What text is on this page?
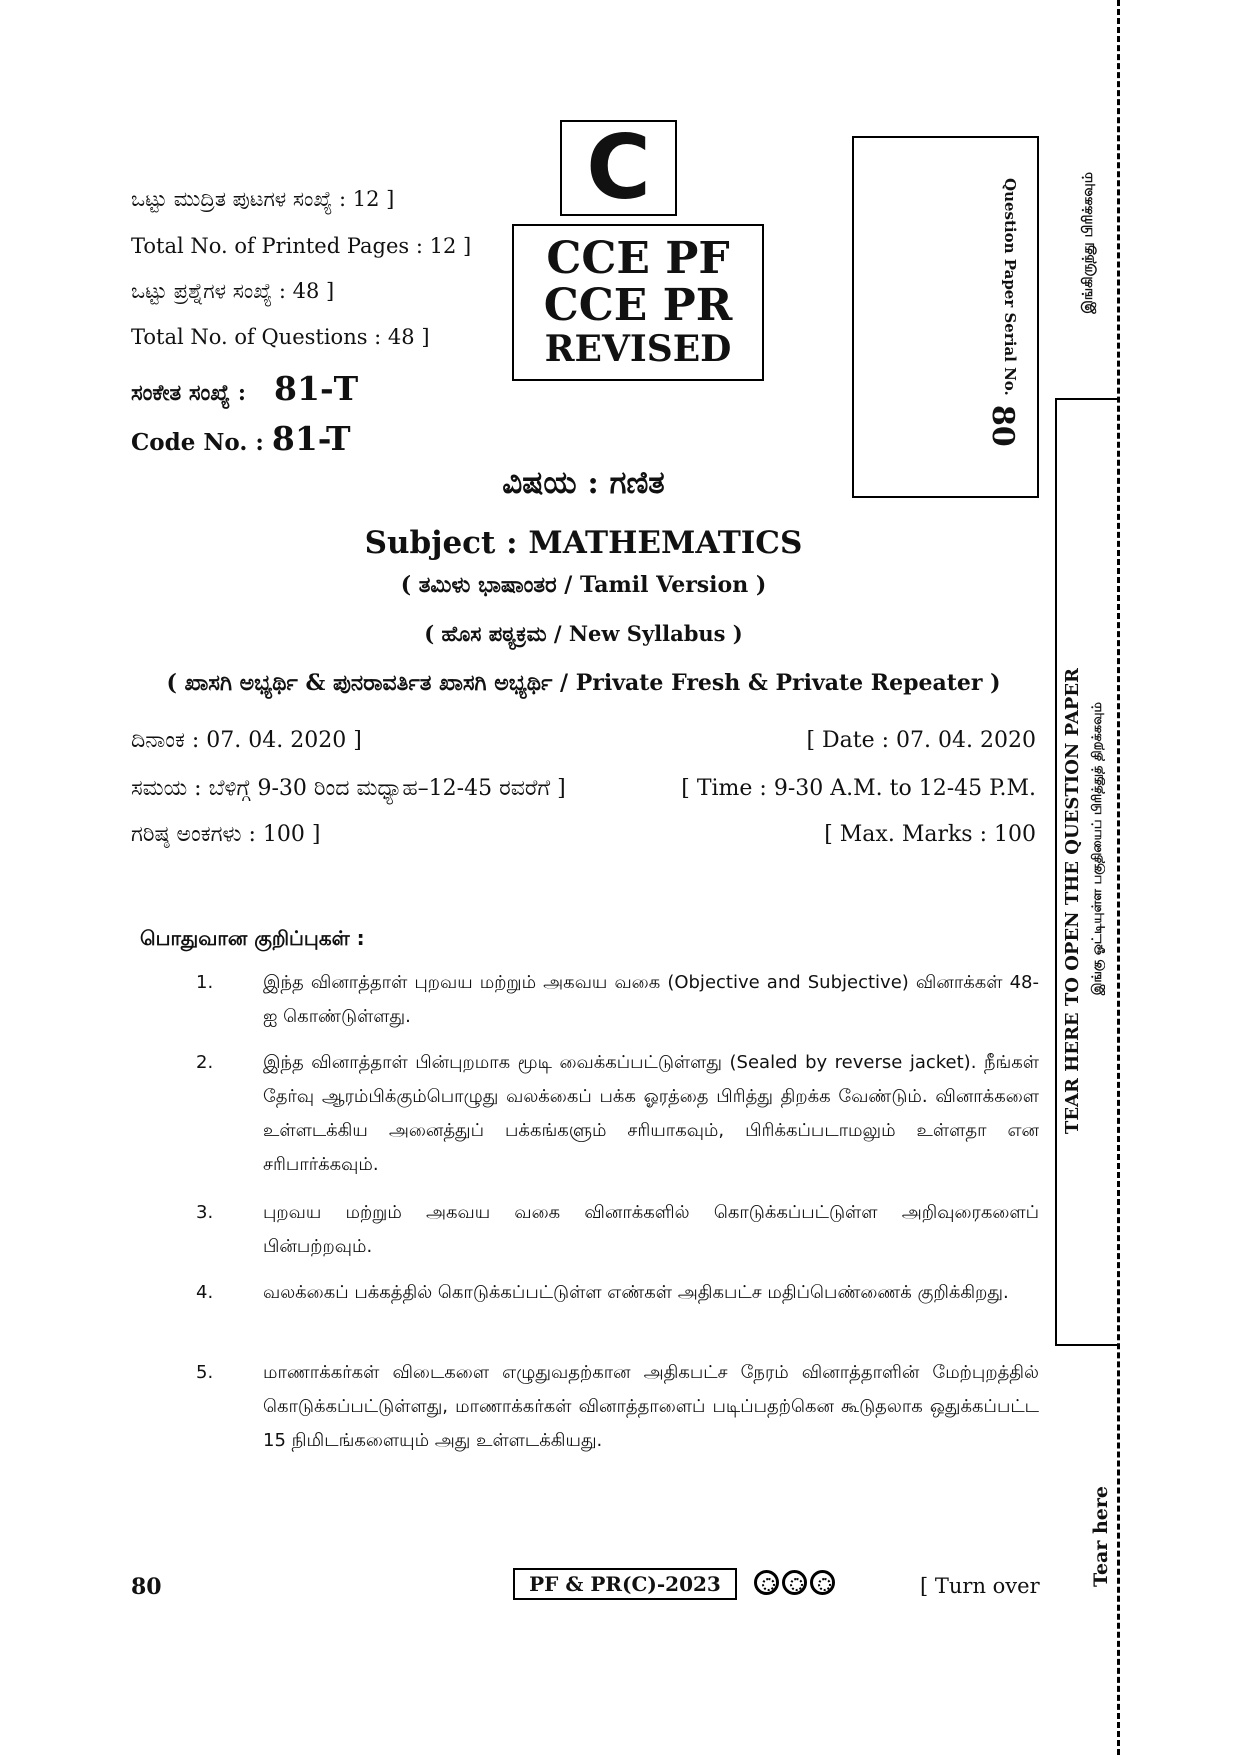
ಒಟ್ಟು ಮುದ್ರಿತ ಪುಟಗಳ ಸಂಖ್ಯೆ : 12 ]
Total No. of Printed Pages : 12 ]
ಒಟ್ಟು ಪ್ರಶ್ನೆಗಳ ಸಂಖ್ಯೆ : 48 ]
Total No. of Questions : 48 ]
ಸಂಕೇತ ಸಂಖ್ಯೆ : 81-T
Code No. : 81-T
C
CCE PF
CCE PR
REVISED	Question Paper Serial No.
80
இங்கிருந்து பிரிக்கவும்
TEAR HERE TO OPEN THE QUESTION PAPER இங்கு ஓட்டியுள்ள பகுதியைப் பிரித்துத் திறக்கவும்
Tear here
ವಿಷಯ : ಗಣಿತ
Subject : MATHEMATICS
( ತಮಿಳು ಭಾಷಾಂತರ / Tamil Version )
( ಹೊಸ ಪಠ್ಯಕ್ರಮ / New Syllabus )
( ಖಾಸಗಿ ಅಭ್ಯರ್ಥಿ & ಪುನರಾವರ್ತಿತ ಖಾಸಗಿ ಅಭ್ಯರ್ಥಿ / Private Fresh & Private Repeater )
ದಿನಾಂಕ : 07. 04. 2020 ]	[ Date : 07. 04. 2020
ಸಮಯ : ಬೆಳಿಗ್ಗೆ 9-30 ರಿಂದ ಮಧ್ಯಾಹ–12-45 ರವರೆಗೆ ]	[ Time : 9-30 A.M. to 12-45 P.M.
ಗರಿಷ್ಠ ಅಂಕಗಳು : 100 ]	[ Max. Marks : 100
பொதுவான குறிப்புகள் :
1.	இந்த வினாத்தாள் புறவய மற்றும் அகவய வகை (Objective and Subjective) வினாக்கள் 48-ஐ கொண்டுள்ளது.
2.	இந்த வினாத்தாள் பின்புறமாக மூடி வைக்கப்பட்டுள்ளது (Sealed by reverse jacket). நீங்கள் தேர்வு ஆரம்பிக்கும்பொழுது வலக்கைப் பக்க ஓரத்தை பிரித்து திறக்க வேண்டும். வினாக்களை உள்ளடக்கிய அனைத்துப் பக்கங்களும் சரியாகவும், பிரிக்கப்படாமலும் உள்ளதா என சரிபார்க்கவும்.
3.	புறவய மற்றும் அகவய வகை வினாக்களில் கொடுக்கப்பட்டுள்ள அறிவுரைகளைப் பின்பற்றவும்.
4.	வலக்கைப் பக்கத்தில் கொடுக்கப்பட்டுள்ள எண்கள் அதிகபட்ச மதிப்பெண்ணைக் குறிக்கிறது.
5.	மாணாக்கர்கள் விடைகளை எழுதுவதற்கான அதிகபட்ச நேரம் வினாத்தாளின் மேற்புறத்தில் கொடுக்கப்பட்டுள்ளது, மாணாக்கர்கள் வினாத்தாளைப் படிப்பதற்கென கூடுதலாக ஒதுக்கப்பட்ட 15 நிமிடங்களையும் அது உள்ளடக்கியது.
80	PF & PR(C)-2023	[ Turn over
